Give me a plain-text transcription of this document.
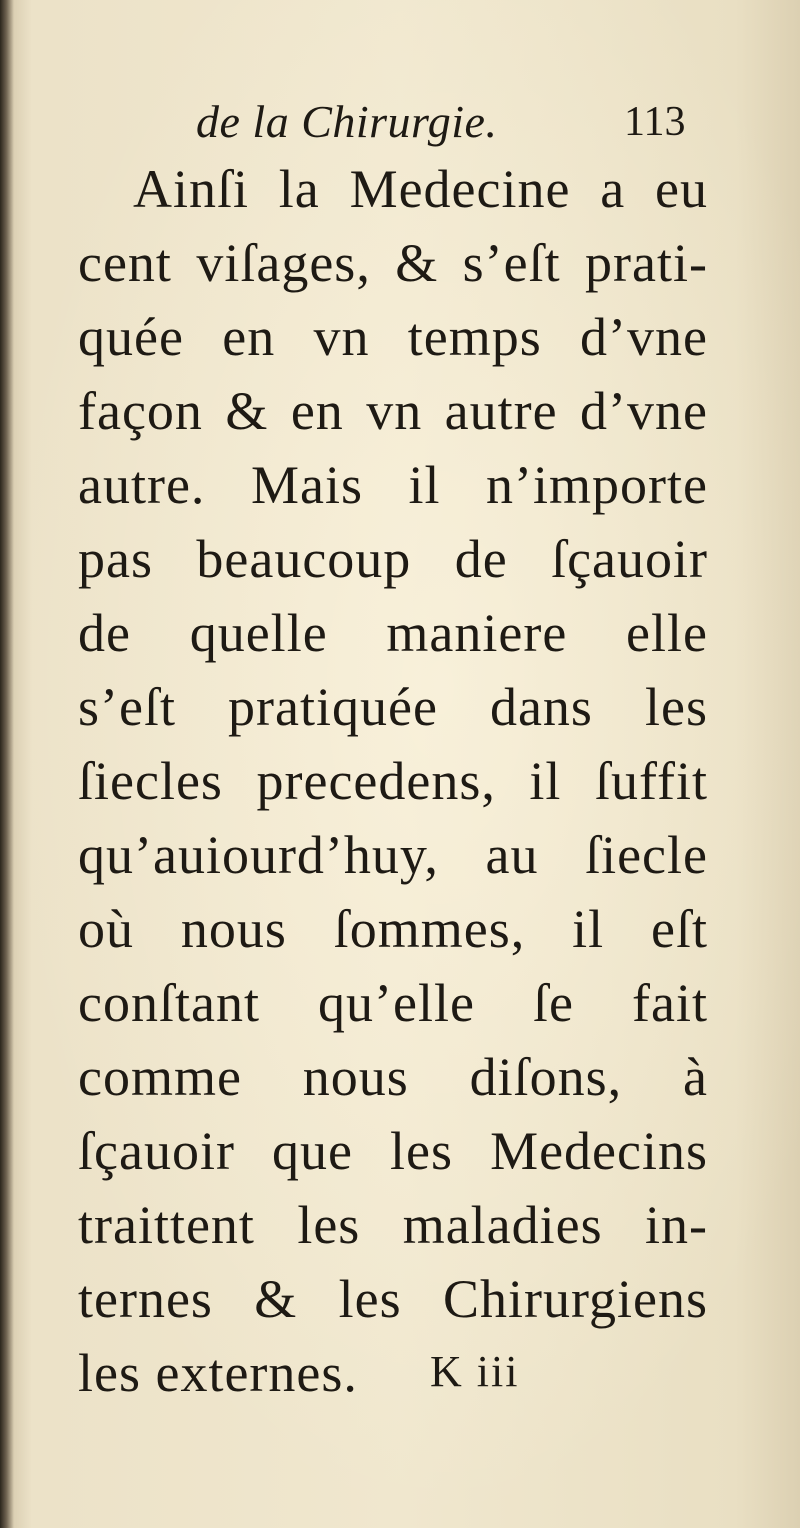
de la Chirurgie.	113
Ainſi la Medecine a eu
cent viſages, & s’eſt prati-
quée en vn temps d’vne
façon & en vn autre d’vne
autre. Mais il n’importe
pas beaucoup de ſçauoir
de quelle maniere elle
s’eſt pratiquée dans les
ſiecles precedens, il ſuffit
qu’auiourd’huy, au ſiecle
où nous ſommes, il eſt
conſtant qu’elle ſe fait
comme nous diſons, à
ſçauoir que les Medecins
traittent les maladies in-
ternes & les Chirurgiens
les externes.	K iii
